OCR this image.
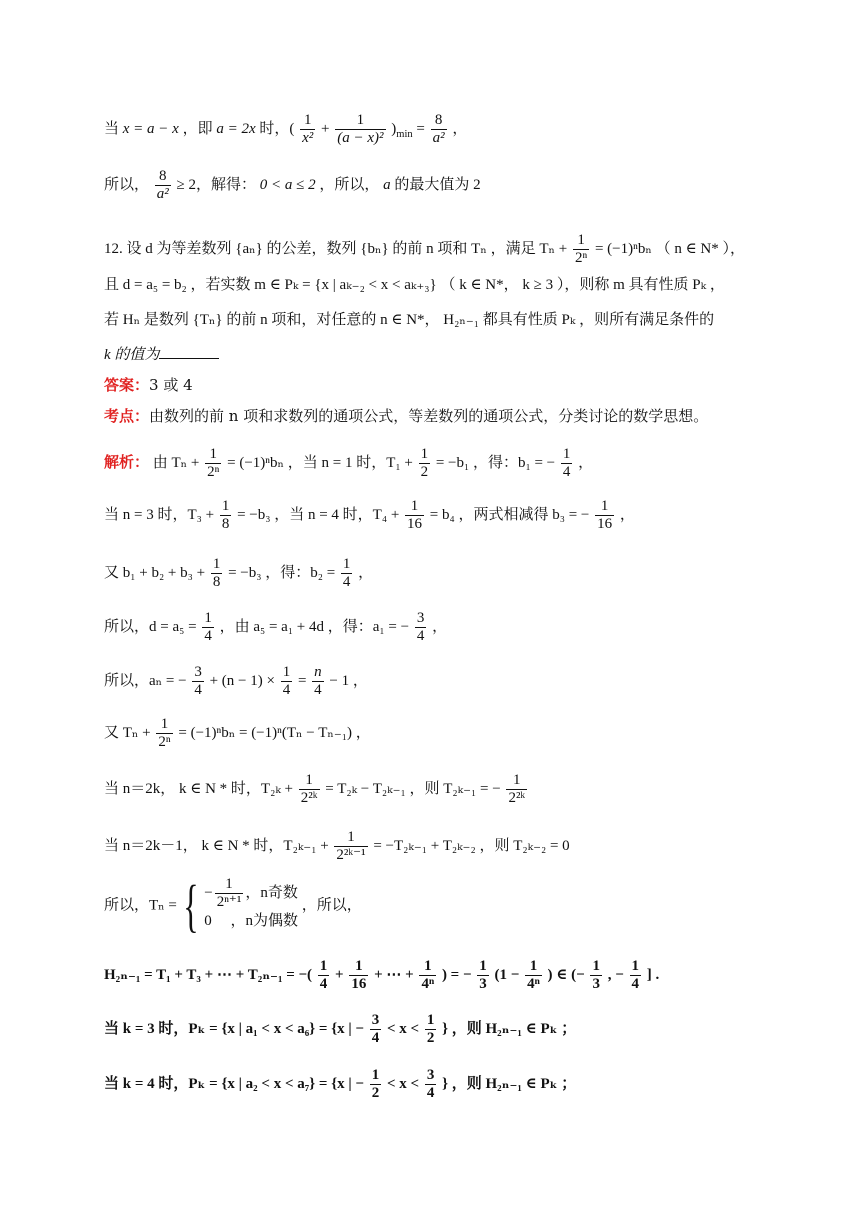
当 x = a − x ，即 a = 2x 时，( $\frac{1}{\text{x²}} + \frac{1}{\text{(a − x)²}} )_{min} = \frac{8}{\text{a²}}$ ，
所以， $\frac{8}{\text{a²}} \ge 2$，解得： 0 < a ≤ 2 ，所以， a 的最大值为 2
12. 设 d 为等差数列 {aₙ} 的公差，数列 {bₙ} 的前 n 项和 Tₙ ，满足 $T_n + \frac{1}{\text{2ⁿ}} = (-1)^nb_n$ （ n ∈ N* ），
且 d = a₅ = b₂ ，若实数 m ∈ Pₖ = {x | aₖ₋₂ < x < aₖ₊₃} （ k ∈ N*， k ≥ 3 ），则称 m 具有性质 Pₖ ，
若 Hₙ 是数列 {Tₙ} 的前 n 项和，对任意的 n ∈ N*， H₂ₙ₋₁ 都具有性质 Pₖ ，则所有满足条件的
k 的值为
答案：3 或 4
考点：由数列的前 n 项和求数列的通项公式，等差数列的通项公式，分类讨论的数学思想。
解析： 由 $T_n + \frac{1}{\text{2ⁿ}} = (-1)^nb_n$ ，当 n = 1 时，$T_1 + \frac{1}{2} = -b_1$ ，得：b₁ = − $\frac{1}{4}$ ，
当 n = 3 时，$T_3 + \frac{1}{8} = -b_3$ ，当 n = 4 时，$T_4 + \frac{1}{16} = b_4$ ，两式相减得 b₃ = − $\frac{1}{16}$ ，
又 $b_1 + b_2 + b_3 + \frac{1}{8} = -b_3$ ，得：$b_2 = \frac{1}{4}$ ，
所以，$d = a_5 = \frac{1}{4}$ ，由 a₅ = a₁ + 4d ，得：a₁ = − $\frac{3}{4}$ ，
所以，aₙ = − $\frac{3}{4} + (n - 1) \times \frac{1}{4} = \frac{n}{4} - 1$ ，
又 $T_n + \frac{1}{\text{2ⁿ}} = (-1)^nb_n = (-1)^n(T_n - T_{n-1})$ ，
当 n＝2k， k ∈ N * 时，$T_{2k} + \frac{1}{\text{2²ᵏ}} = T_{2k} - T_{2k-1}$ ，则 T₂ₖ₋₁ = − $\frac{1}{\text{2²ᵏ}}$
当 n＝2k－1， k ∈ N * 时，$T_{2k-1} + \frac{1}{\text{2²ᵏ⁻¹}} = -T_{2k-1} + T_{2k-2}$ ，则 T₂ₖ₋₂ = 0
所以，Tₙ = { − $\frac{1}{\text{2ⁿ⁺¹}}$ ，n奇数
0　 ，n为偶数
，所以，
H₂ₙ₋₁ = T₁ + T₃ + ⋯ + T₂ₙ₋₁ = −( $\frac{1}{4} + \frac{1}{16}$ + ⋯ + $\frac{1}{\text{4ⁿ}}$ ) = − $\frac{1}{3} (1 - \frac{1}{\text{4ⁿ}}$ ) ∈ (− $\frac{1}{3}$ , − $\frac{1}{4}$ ] .
当 k = 3 时，Pₖ = {x | a₁ < x < a₆} = {x | − $\frac{3}{4} < x < \frac{1}{2}$ } ，则 H₂ₙ₋₁ ∈ Pₖ ；
当 k = 4 时，Pₖ = {x | a₂ < x < a₇} = {x | − $\frac{1}{2} < x < \frac{3}{4}$ } ，则 H₂ₙ₋₁ ∈ Pₖ ；
